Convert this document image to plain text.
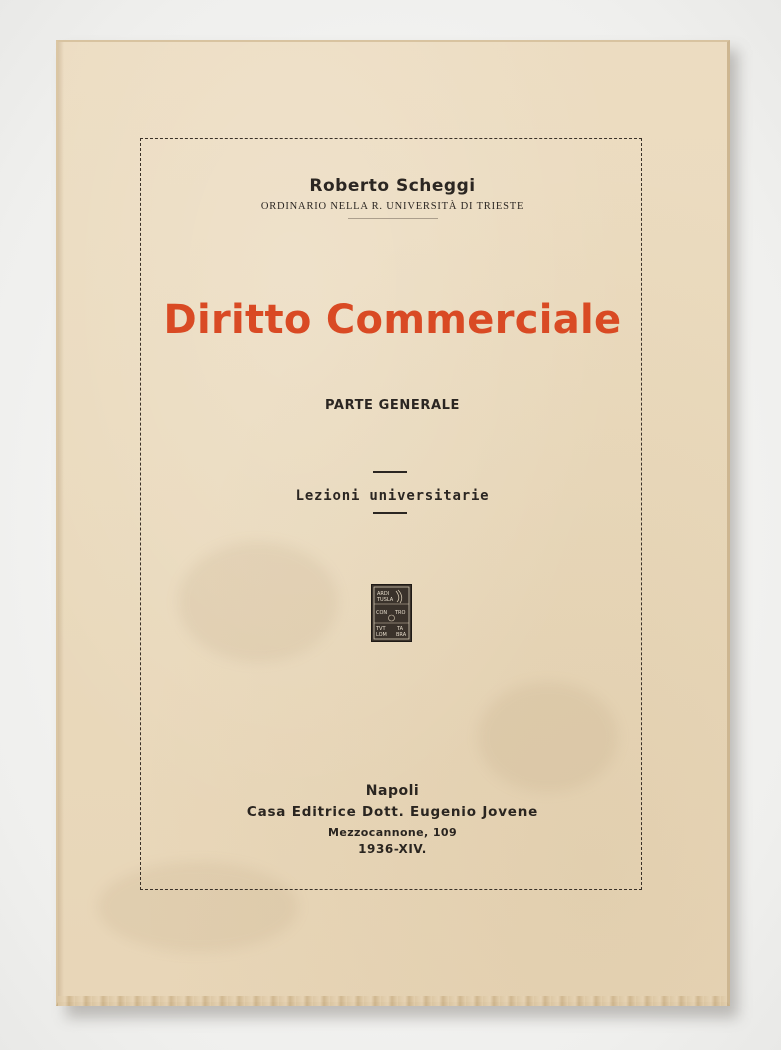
Roberto Scheggi
ORDINARIO NELLA R. UNIVERSITÀ DI TRIESTE
Diritto Commerciale
PARTE GENERALE
Lezioni universitarie
ARDI
TUSLA
CON TRO
TVT TA
LOM BRA
Napoli
Casa Editrice Dott. Eugenio Jovene
Mezzocannone, 109
1936-XIV.
